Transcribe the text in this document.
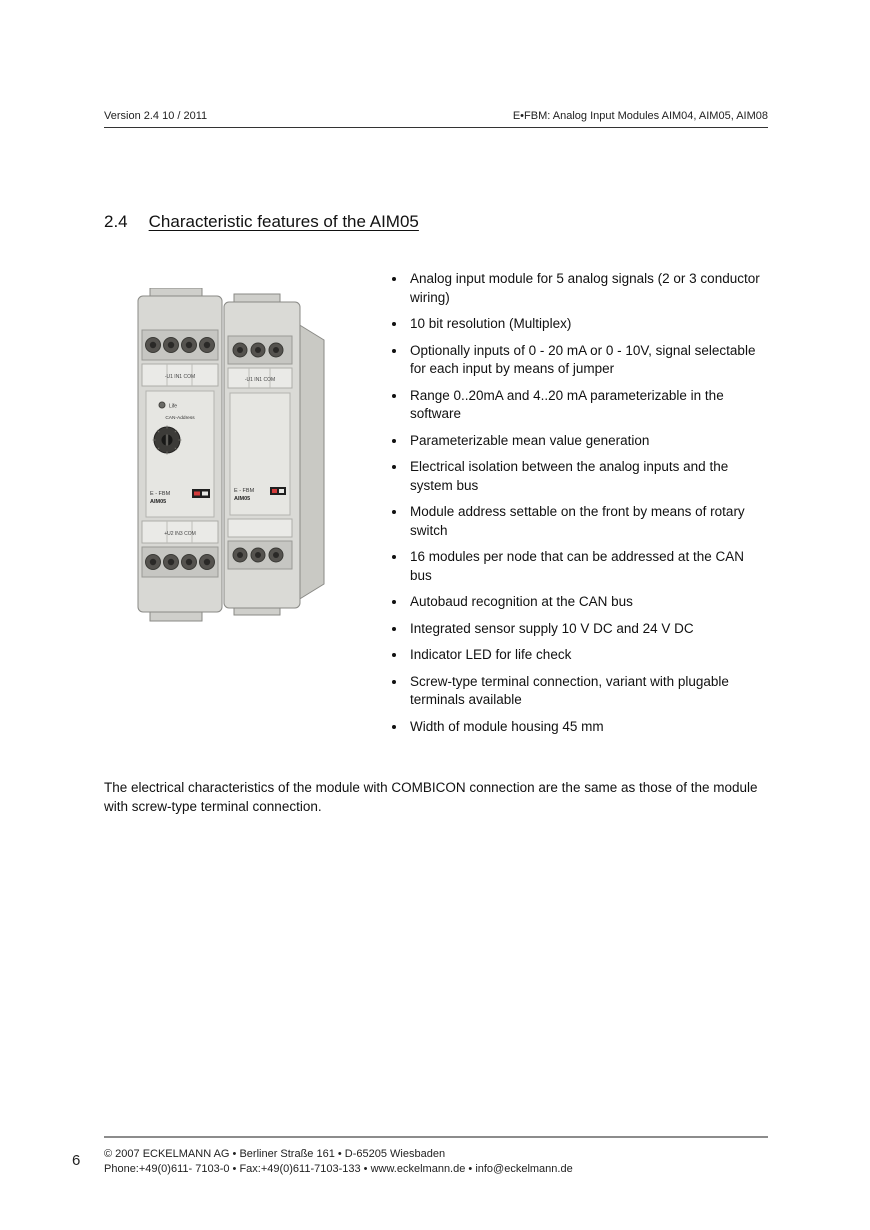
Version 2.4 10 / 2011	E•FBM: Analog Input Modules AIM04, AIM05, AIM08
2.4 Characteristic features of the AIM05
-U1 IN1 COM
Life
CAN-Address
E - FBM
AIM05
+U2 IN3 COM
-U1 IN1 COM
E - FBM
AIM05
• Analog input module for 5 analog signals (2 or 3 conductor wiring)
• 10 bit resolution (Multiplex)
• Optionally inputs of 0 - 20 mA or 0 - 10V, signal selectable for each input by means of jumper
• Range 0..20mA and 4..20 mA parameterizable in the software
• Parameterizable mean value generation
• Electrical isolation between the analog inputs and the system bus
• Module address settable on the front by means of rotary switch
• 16 modules per node that can be addressed at the CAN bus
• Autobaud recognition at the CAN bus
• Integrated sensor supply 10 V DC and 24 V DC
• Indicator LED for life check
• Screw-type terminal connection, variant with plugable terminals available
• Width of module housing 45 mm
The electrical characteristics of the module with COMBICON connection are the same as those of the module with screw-type terminal connection.
6 © 2007 ECKELMANN AG • Berliner Straße 161 • D-65205 Wiesbaden
Phone:+49(0)611- 7103-0 • Fax:+49(0)611-7103-133 • www.eckelmann.de • info@eckelmann.de
